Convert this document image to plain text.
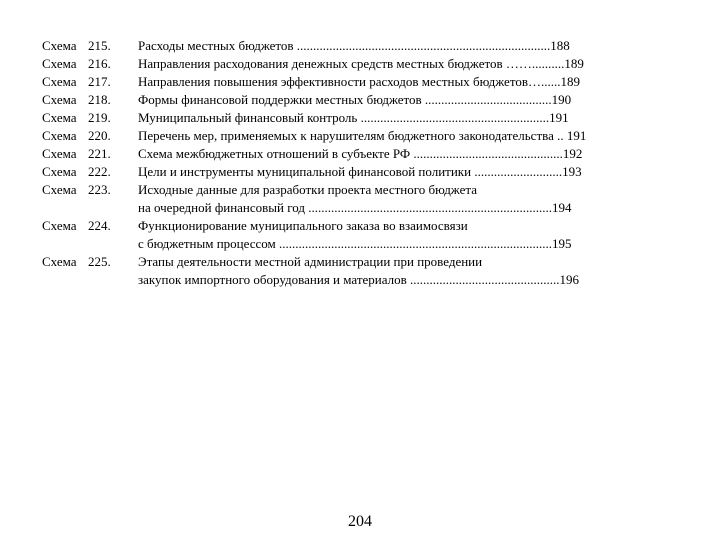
Схема 215.	Расходы местных бюджетов ..............................................................................188
Схема 216.	Направления расходования денежных средств местных бюджетов ……..........189
Схема 217.	Направления повышения эффективности расходов местных бюджетов…......189
Схема 218.	Формы финансовой поддержки местных бюджетов .......................................190
Схема 219.	Муниципальный финансовый контроль ..........................................................191
Схема 220.	Перечень мер, применяемых к нарушителям бюджетного законодательства .. 191
Схема 221.	Схема межбюджетных отношений в субъекте РФ ..............................................192
Схема 222.	Цели и инструменты муниципальной финансовой политики ...........................193
Схема 223.	Исходные данные для разработки проекта местного бюджета
на очередной финансовый год ...........................................................................194
Схема 224.	Функционирование муниципального заказа во взаимосвязи
с бюджетным процессом ....................................................................................195
Схема 225.	Этапы деятельности местной администрации при проведении
закупок импортного оборудования и материалов ..............................................196
204
